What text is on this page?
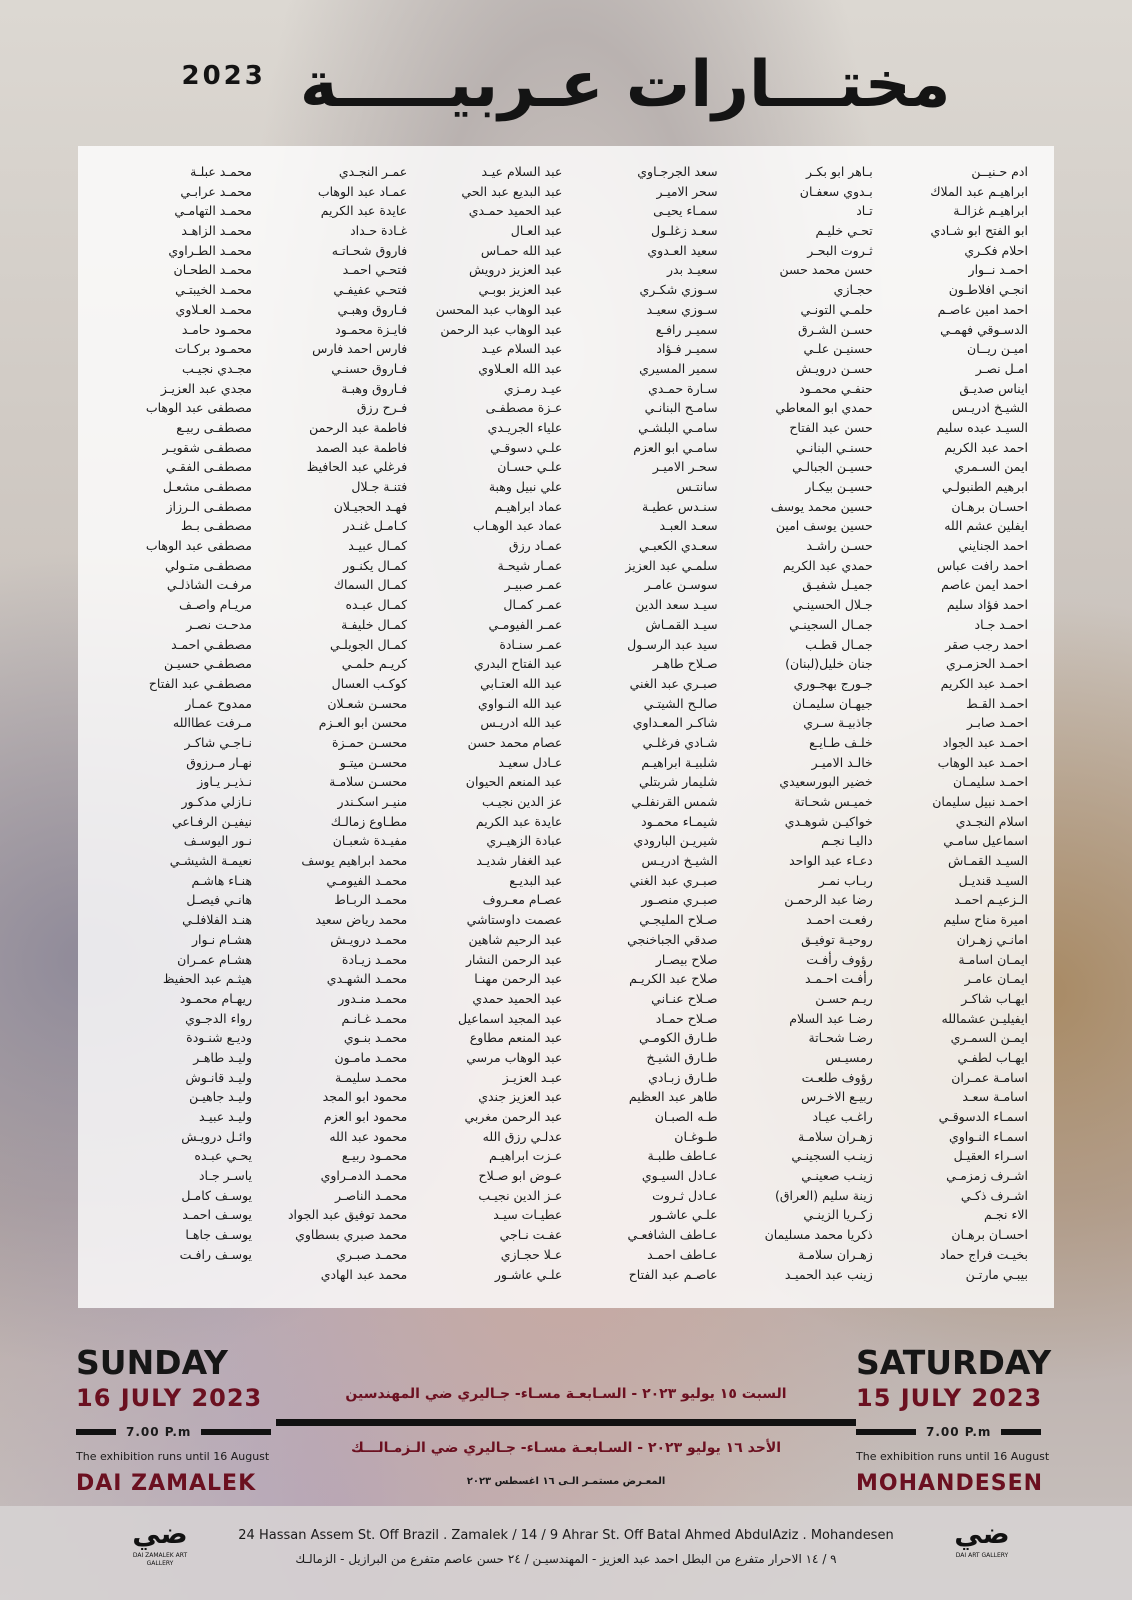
2023 مختـــارات عـربيـــــة
ادم حـنيــن
ابراهيـم عبد الملاك
ابراهيـم غزالـة
ابو الفتح ابو شـادي
احلام فكـري
احمـد نــوار
انجـي افلاطـون
احمد امين عاصـم
الدسـوقي فهمـي
اميـن ريــان
امـل نصـر
ايناس صديـق
الشيـخ ادريـس
السيـد عبده سليم
احمد عبد الكريم
ايمن السـمري
ابرهيم الطنبولـي
احسـان برهـان
ايفلين عشم الله
احمد الجنايني
احمد رافت عباس
احمد ايمن عاصم
احمد فؤاد سليم
احمـد جـاد
احمد رجب صقر
احمـد الحزمـري
احمـد عبد الكريم
احمـد القـط
احمـد صابـر
احمـد عبد الجواد
احمـد عبد الوهاب
احمـد سليمـان
احمـد نبيل سليمان
اسلام النجـدي
اسماعيل سامـي
السيـد القمـاش
السيـد قنديـل
الـزعيـم احمـد
اميرة مناح سليم
امانـي زهـران
ايمـان اسامـة
ايمـان عامـر
ايهـاب شاكـر
ايفيليـن عشمالله
ايمـن السمـري
ايهـاب لطفـي
اسامـة عمـران
اسامـة سعـد
اسمـاء الدسوقـي
اسمـاء النـواوي
اسـراء العقيـل
اشـرف زمزمـي
اشـرف ذكـي
الاء نجـم
احسـان برهـان
بخيـت فراج حماد
بيبـي مارتـن
بـاهر ابو بكـر
بـدوي سعفـان
تـاد
تحـي خليـم
ثـروت البحـر
حسن محمد حسن
حجـازي
حلمـي التونـي
حسـن الشـرق
حسنيـن علـي
حسـن درويـش
حنفـي محمـود
حمدي ابو المعاطي
حسن عبد الفتاح
حسنـي البنانـي
حسيـن الجبالـي
حسيـن بيكـار
حسين محمد يوسف
حسين يوسف امين
حسـن راشـد
حمدي عبد الكريم
جميـل شفيـق
جـلال الحسينـي
جمـال السجينـي
جمـال قطـب
جنان خليل(لبنان)
جـورج بهجـوري
جيهـان سليمـان
جاذبيـة سـري
خلـف طـايـع
خالـد الاميـر
خضير البورسعيدي
خميـس شحـاتة
خواكيـن شوهـدي
داليـا نجـم
دعـاء عبد الواحد
ربـاب نمـر
رضا عبد الرحمـن
رفعـت احمـد
روحيـة توفيـق
رؤوف رأفـت
رأفـت احـمـد
ريـم حسـن
رضـا عبد السلام
رضـا شحـاتة
رمسيـس
رؤوف طلعـت
ربيـع الاخـرس
راغـب عيـاد
زهـران سلامـة
زينـب السجينـي
زينـب صعينـي
زينة سليم (العراق)
زكـريا الزينـي
ذكريا محمد مسليمان
زهـران سلامـة
زينب عبد الحميـد
سعد الجرجـاوي
سحر الاميـر
سمـاء يحيـى
سعـد زغلـول
سعيد العـدوي
سعيـد بدر
سـوزي شكـري
سـوزي سعيـد
سميـر رافـع
سميـر فـؤاد
سمير المسيري
سـارة حمـدي
سامـح البنانـي
سامـي البلشـي
سامـي ابو العزم
سحـر الاميـر
سانتـس
سنـدس عطيـة
سعـد العبـد
سعـدي الكعبـي
سلمـي عبد العزيز
سوسـن عامـر
سيـد سعد الدين
سيـد القمـاش
سيد عبد الرسـول
صـلاح طاهـر
صبـري عبد الغني
صالـح الشيتـي
شاكـر المعـداوي
شـادي فرغلـي
شلبيـة ابراهيـم
شليمار شربتلي
شمس القرنفلـي
شيمـاء محمـود
شيريـن البارودي
الشيـخ ادريـس
صبـري عبد الغني
صبـري منصـور
صـلاح المليجـي
صدقي الجباخنجي
صلاح بيصـار
صلاح عبد الكريـم
صـلاح عنـاني
صـلاح حمـاد
طـارق الكومـي
طـارق الشيـخ
طـارق زبـادي
طاهر عبد العظيم
طـه الصبـان
طـوغـان
عـاطف طلبـة
عـادل السيـوي
عـادل ثـروت
علـي عاشـور
عـاطف الشافعـي
عـاطف احمـد
عاصـم عبد الفتاح
عبد السلام عيـد
عبد البديع عبد الحي
عبد الحميد حمـدي
عبد العـال
عبد الله حمـاس
عبد العزيز درويش
عبد العزيز بوبـي
عبد الوهاب عبد المحسن
عبد الوهاب عبد الرحمن
عبد السلام عيـد
عبد الله العـلاوي
عيـد رمـزي
عـزة مصطفـى
علياء الجريـدي
علـي دسوقـي
علـي حسـان
علي نبيل وهبة
عماد ابراهيـم
عماد عبد الوهـاب
عمـاد رزق
عمـار شيحـة
عمـر صبيـر
عمـر كمـال
عمـر الفيومـي
عمـر سنـادة
عبد الفتاح البدري
عبد الله العتـابي
عبد الله النـواوي
عبد الله ادريـس
عصام محمد حسن
عـادل سعيـد
عبد المنعم الحيوان
عز الدين نجيـب
عايدة عبد الكريم
عبادة الزهيـري
عبد الغفار شديـد
عبد البديـع
عصـام معـروف
عصمت داوستاشي
عبد الرحيم شاهين
عبد الرحمن النشار
عبد الرحمن مهنـا
عبد الحميد حمدي
عبد المجيد اسماعيل
عبد المنعم مطاوع
عبد الوهاب مرسي
عبـد العزيـز
عبد العزيز جندي
عبد الرحمن مغربي
عدلـي رزق الله
عـزت ابراهيـم
عـوض ابو صـلاح
عـز الدين نجيـب
عطيـات سيـد
عفـت نـاجي
عـلا حجـازي
علـي عاشـور
عمـر النجـدي
عمـاد عبد الوهاب
عايدة عبد الكريم
غـادة حـداد
فاروق شحـاتـه
فتحـي احمـد
فتحـي عفيفـي
فـاروق وهبـي
فايـزة محمـود
فارس احمد فارس
فـاروق حسنـي
فـاروق وهبـة
فـرح رزق
فاطمة عبد الرحمن
فاطمة عبد الصمد
فرغلي عبد الحافيظ
فتنـة جـلال
فهـد الحجيـلان
كـامـل غنـدر
كمـال عبيـد
كمـال يكنـور
كمـال السماك
كمـال عبـده
كمـال خليفـة
كمـال الجويلـي
كريـم حلمـي
كوكـب العسال
محسـن شعـلان
محسن ابو العـزم
محسـن حمـزة
محسـن ميتـو
محسـن سلامـة
منيـر اسكـندر
مطـاوع زمالـك
مفيـدة شعبـان
محمد ابراهيم يوسف
محمـد الفيومـي
محمـد الربـاط
محمد رياض سعيد
محمـد درويـش
محمـد زيـادة
محمـد الشهـدي
محمـد منـدور
محمـد غـانـم
محمـد بنـوي
محمـد مامـون
محمـد سليمـة
محمود ابو المجد
محمود ابو العزم
محمود عبد الله
محمـود ربيـع
محمـد الدمـراوي
محمـد الناصـر
محمد توفيق عبد الجواد
محمد صبري بسطاوي
محمـد صبـري
محمد عبد الهادي
محمـد عبلـة
محمـد عرابـي
محمـد التهامـي
محمـد الزاهـد
محمـد الطـراوي
محمـد الطحـان
محمـد الخيبتـي
محمـد العـلاوي
محمـود حامـد
محمـود بركـات
مجـدي نجيـب
مجدي عبد العزيـز
مصطفى عبد الوهاب
مصطفـى ربيـع
مصطفـى شقويـر
مصطفـى الفقـي
مصطفـى مشعـل
مصطفـى الـرزاز
مصطفـى بـط
مصطفى عبد الوهاب
مصطفـى متـولي
مرفـت الشاذلـي
مريـام واصـف
مدحـت نصـر
مصطفـي احمـد
مصطفـي حسيـن
مصطفـي عبد الفتاح
ممدوح عمـار
مـرفت عطاالله
نـاجـي شاكـر
نهـار مـرزوق
نـذيـر يـاوز
نـازلي مدكـور
نيفيـن الرفـاعي
نـور اليوسـف
نعيمـة الشيشـي
هنـاء هاشـم
هانـي فيصـل
هنـد الفلافلـي
هشـام نـوار
هشـام عمـران
هيثـم عبد الحفيظ
ريهـام محمـود
رواء الدجـوي
وديـع شنـودة
وليـد طاهـر
وليـد قانـوش
وليـد جاهيـن
وليـد عبيـد
وائـل درويـش
يحـي عبـده
ياسـر جـاد
يوسـف كامـل
يوسـف احمـد
يوسـف جاهـا
يوسـف رافـت
SUNDAY
16 JULY 2023
7.00 P.m
The exhibition runs until 16 August
DAI ZAMALEK
SATURDAY
15 JULY 2023
7.00 P.m
The exhibition runs until 16 August
MOHANDESEN
السبت ١٥ يوليو ٢٠٢٣ - السـابعـة مسـاء- جـاليري ضي المهندسين
الأحد ١٦ يوليو ٢٠٢٣ - السـابعـة مسـاء- جـاليري ضي الـزمـالـــك
المعـرض مستمـر الـى ١٦ اغسطس ٢٠٢٣
ضي
DAI ZAMALEK ART GALLERY
24 Hassan Assem St. Off Brazil . Zamalek / 14 / 9 Ahrar St. Off Batal Ahmed AbdulAziz . Mohandesen
٩ / ١٤ الاحرار متفرع من البطل احمد عبد العزيز - المهندسيـن / ٢٤ حسن عاصم متفرع من البرازيل - الزمالـك
ضي
DAI ART GALLERY
